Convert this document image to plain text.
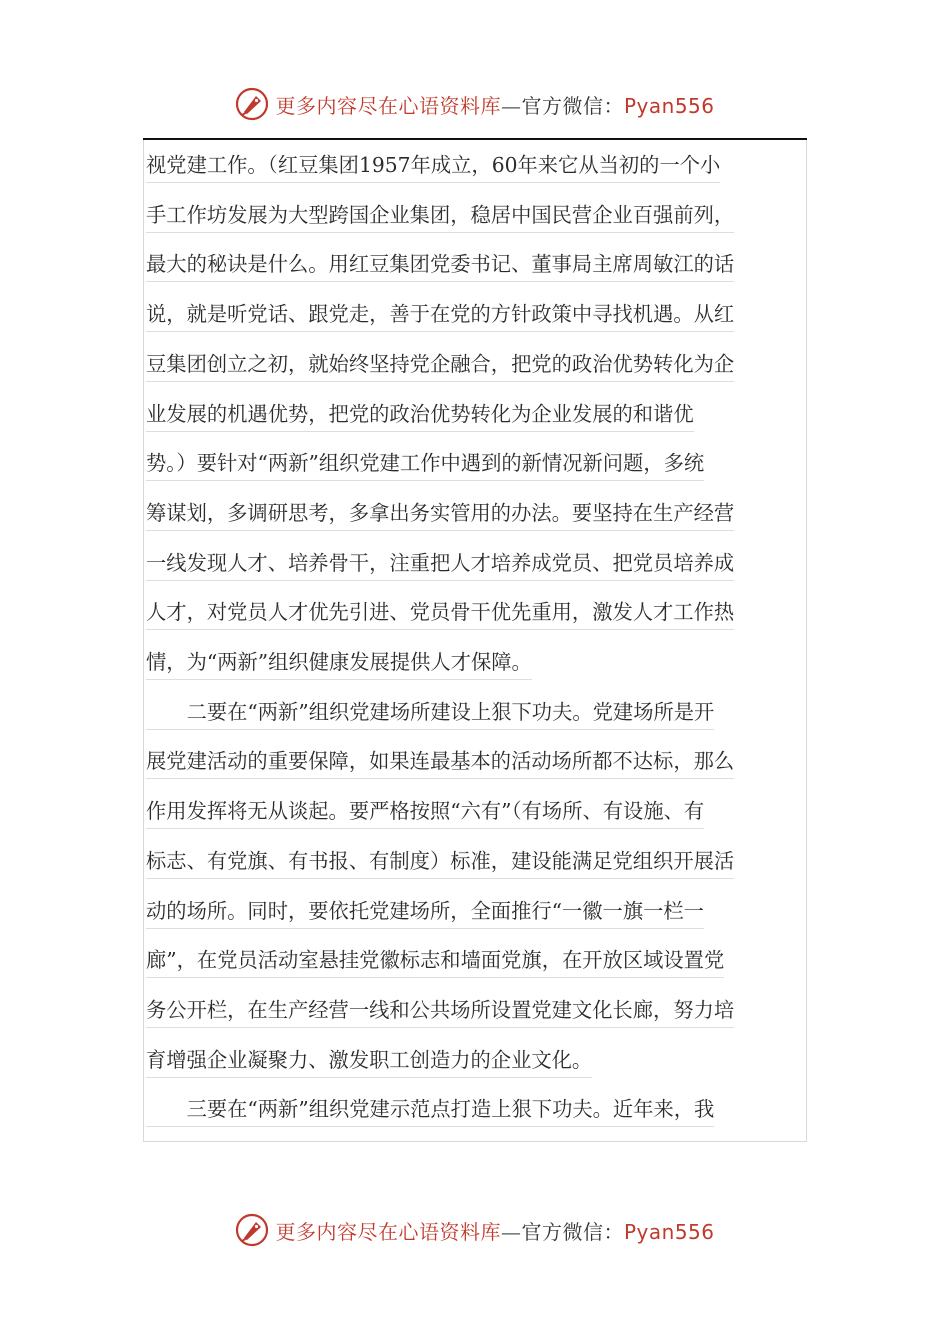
更多内容尽在心语资料库—官方微信：Pyan556
视党建工作。（红豆集团1957年成立，60年来它从当初的一个小
手工作坊发展为大型跨国企业集团，稳居中国民营企业百强前列，
最大的秘诀是什么。用红豆集团党委书记、董事局主席周敏江的话
说，就是听党话、跟党走，善于在党的方针政策中寻找机遇。从红
豆集团创立之初，就始终坚持党企融合，把党的政治优势转化为企
业发展的机遇优势，把党的政治优势转化为企业发展的和谐优
势。）要针对“两新”组织党建工作中遇到的新情况新问题，多统
筹谋划，多调研思考，多拿出务实管用的办法。要坚持在生产经营
一线发现人才、培养骨干，注重把人才培养成党员、把党员培养成
人才，对党员人才优先引进、党员骨干优先重用，激发人才工作热
情，为“两新”组织健康发展提供人才保障。
　　二要在“两新”组织党建场所建设上狠下功夫。党建场所是开
展党建活动的重要保障，如果连最基本的活动场所都不达标，那么
作用发挥将无从谈起。要严格按照“六有”（有场所、有设施、有
标志、有党旗、有书报、有制度）标准，建设能满足党组织开展活
动的场所。同时，要依托党建场所，全面推行“一徽一旗一栏一
廊”，在党员活动室悬挂党徽标志和墙面党旗，在开放区域设置党
务公开栏，在生产经营一线和公共场所设置党建文化长廊，努力培
育增强企业凝聚力、激发职工创造力的企业文化。
　　三要在“两新”组织党建示范点打造上狠下功夫。近年来，我
更多内容尽在心语资料库—官方微信：Pyan556
